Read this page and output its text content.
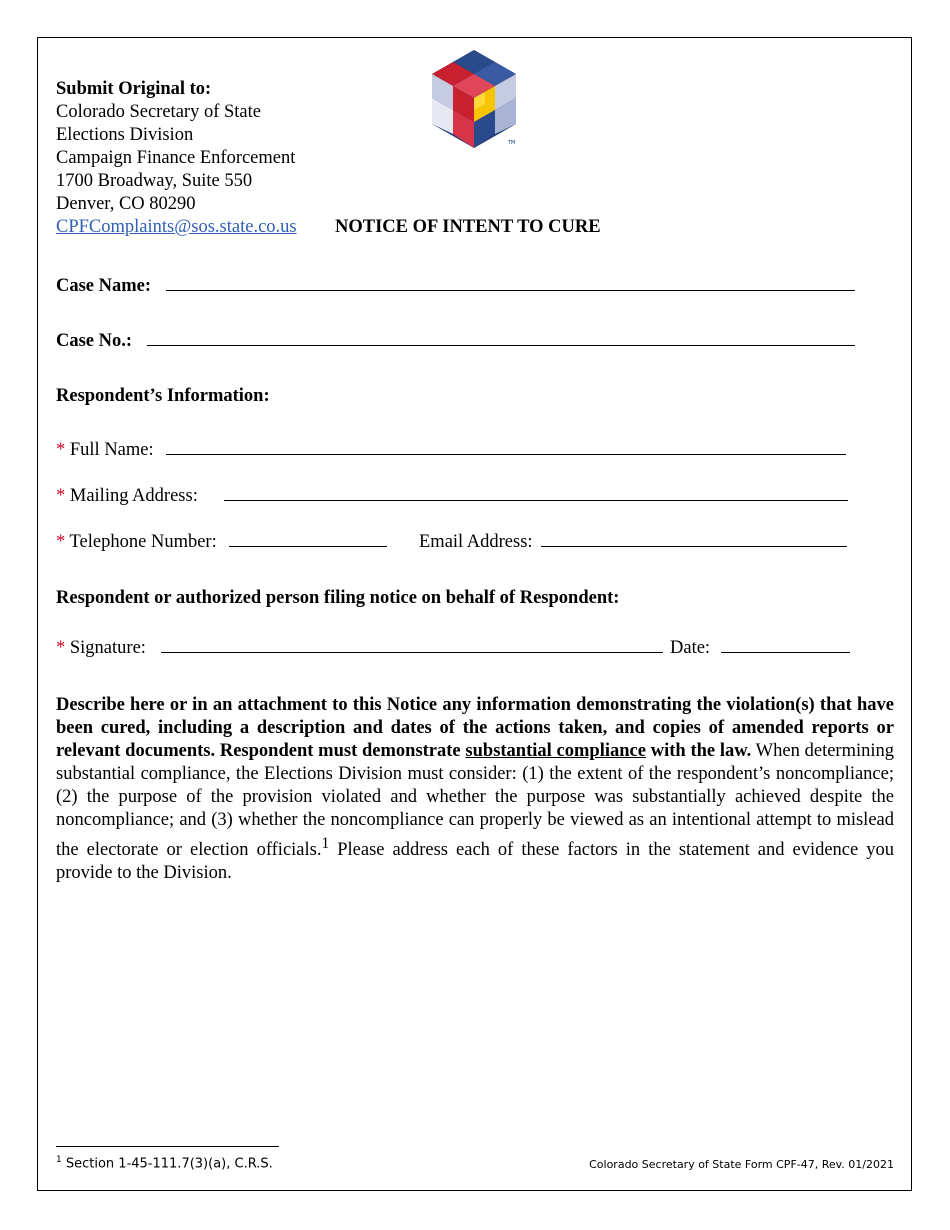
Submit Original to:
Colorado Secretary of State
Elections Division
Campaign Finance Enforcement
1700 Broadway, Suite 550
Denver, CO 80290
CPFComplaints@sos.state.co.us
TM
NOTICE OF INTENT TO CURE
Case Name:
Case No.:
Respondent’s Information:
* Full Name:
* Mailing Address:
* Telephone Number:	Email Address:
Respondent or authorized person filing notice on behalf of Respondent:
* Signature:	Date:
Describe here or in an attachment to this Notice any information demonstrating the violation(s) that have been cured, including a description and dates of the actions taken, and copies of amended reports or relevant documents. Respondent must demonstrate substantial compliance with the law. When determining substantial compliance, the Elections Division must consider: (1) the extent of the respondent’s noncompliance; (2) the purpose of the provision violated and whether the purpose was substantially achieved despite the noncompliance; and (3) whether the noncompliance can properly be viewed as an intentional attempt to mislead the electorate or election officials.$^1$ Please address each of these factors in the statement and evidence you provide to the Division.
$^1$ Section 1-45-111.7(3)(a), C.R.S.	Colorado Secretary of State Form CPF-47, Rev. 01/2021
